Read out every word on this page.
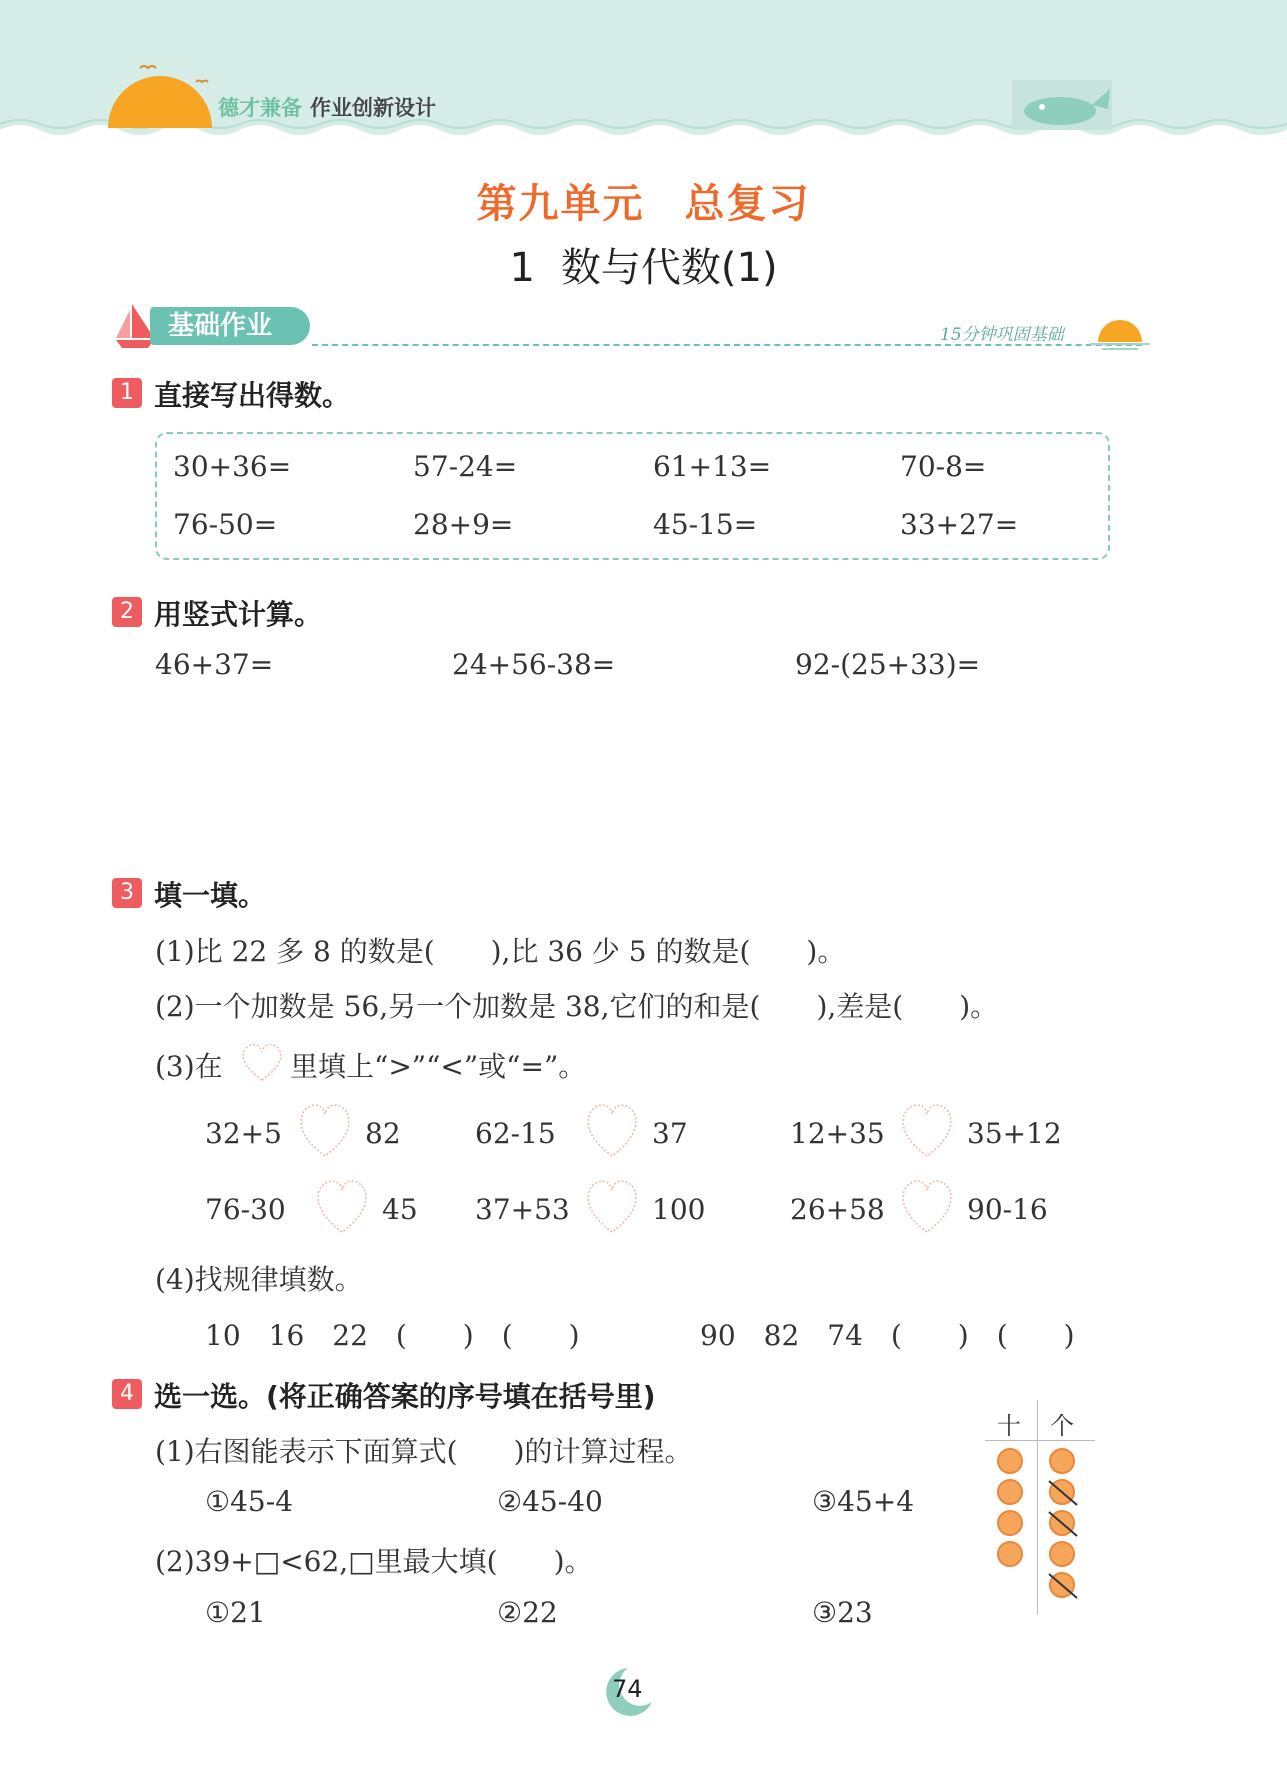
德才兼备 作业创新设计
第九单元 总复习
1 数与代数(1)
基础作业	15分钟巩固基础
1 直接写出得数。
30+36=	57-24=	61+13=	70-8=
76-50=	28+9=	45-15=	33+27=
2 用竖式计算。
46+37=	24+56-38=	92-(25+33)=
3 填一填。
(1)比 22 多 8 的数是(　　),比 36 少 5 的数是(　　)。
(2)一个加数是 56,另一个加数是 38,它们的和是(　　),差是(　　)。
(3)在 里填上“>”“<”或“=”。
32+5	82	62-15	37	12+35	35+12
76-30	45 37+53	100	26+58	90-16
(4)找规律填数。
10　16　22　(　　)　(　　)	90　82　74　(　　)　(　　)
4 选一选。(将正确答案的序号填在括号里)
(1)右图能表示下面算式(　　)的计算过程。
①45-4	②45-40	③45+4
(2)39+□<62,□里最大填(　　)。
①21	②22	③23
十 个
74
